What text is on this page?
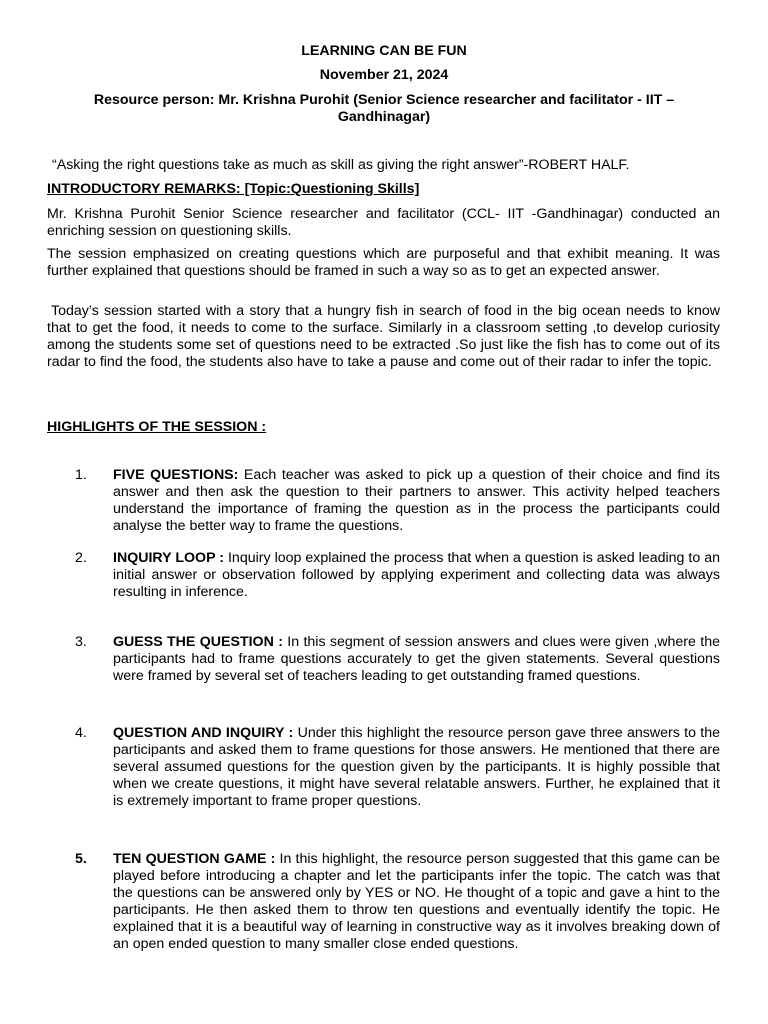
LEARNING CAN BE FUN
November 21, 2024
Resource person: Mr. Krishna Purohit (Senior Science researcher and facilitator - IIT – Gandhinagar)
“Asking the right questions take as much as skill as giving the right answer”-ROBERT HALF.
INTRODUCTORY REMARKS: [Topic:Questioning Skills]
Mr. Krishna Purohit Senior Science researcher and facilitator (CCL- IIT -Gandhinagar) conducted an enriching session on questioning skills.
The session emphasized on creating questions which are purposeful and that exhibit meaning. It was further explained that questions should be framed in such a way so as to get an expected answer.
Today’s session started with a story that a hungry fish in search of food in the big ocean needs to know that to get the food, it needs to come to the surface. Similarly in a classroom setting ,to develop curiosity among the students some set of questions need to be extracted .So just like the fish has to come out of its radar to find the food, the students also have to take a pause and come out of their radar to infer the topic.
HIGHLIGHTS OF THE SESSION :
1. FIVE QUESTIONS: Each teacher was asked to pick up a question of their choice and find its answer and then ask the question to their partners to answer. This activity helped teachers understand the importance of framing the question as in the process the participants could analyse the better way to frame the questions.
2. INQUIRY LOOP : Inquiry loop explained the process that when a question is asked leading to an initial answer or observation followed by applying experiment and collecting data was always resulting in inference.
3. GUESS THE QUESTION : In this segment of session answers and clues were given ,where the participants had to frame questions accurately to get the given statements. Several questions were framed by several set of teachers leading to get outstanding framed questions.
4. QUESTION AND INQUIRY : Under this highlight the resource person gave three answers to the participants and asked them to frame questions for those answers. He mentioned that there are several assumed questions for the question given by the participants. It is highly possible that when we create questions, it might have several relatable answers. Further, he explained that it is extremely important to frame proper questions.
5. TEN QUESTION GAME : In this highlight, the resource person suggested that this game can be played before introducing a chapter and let the participants infer the topic. The catch was that the questions can be answered only by YES or NO. He thought of a topic and gave a hint to the participants. He then asked them to throw ten questions and eventually identify the topic. He explained that it is a beautiful way of learning in constructive way as it involves breaking down of an open ended question to many smaller close ended questions.
